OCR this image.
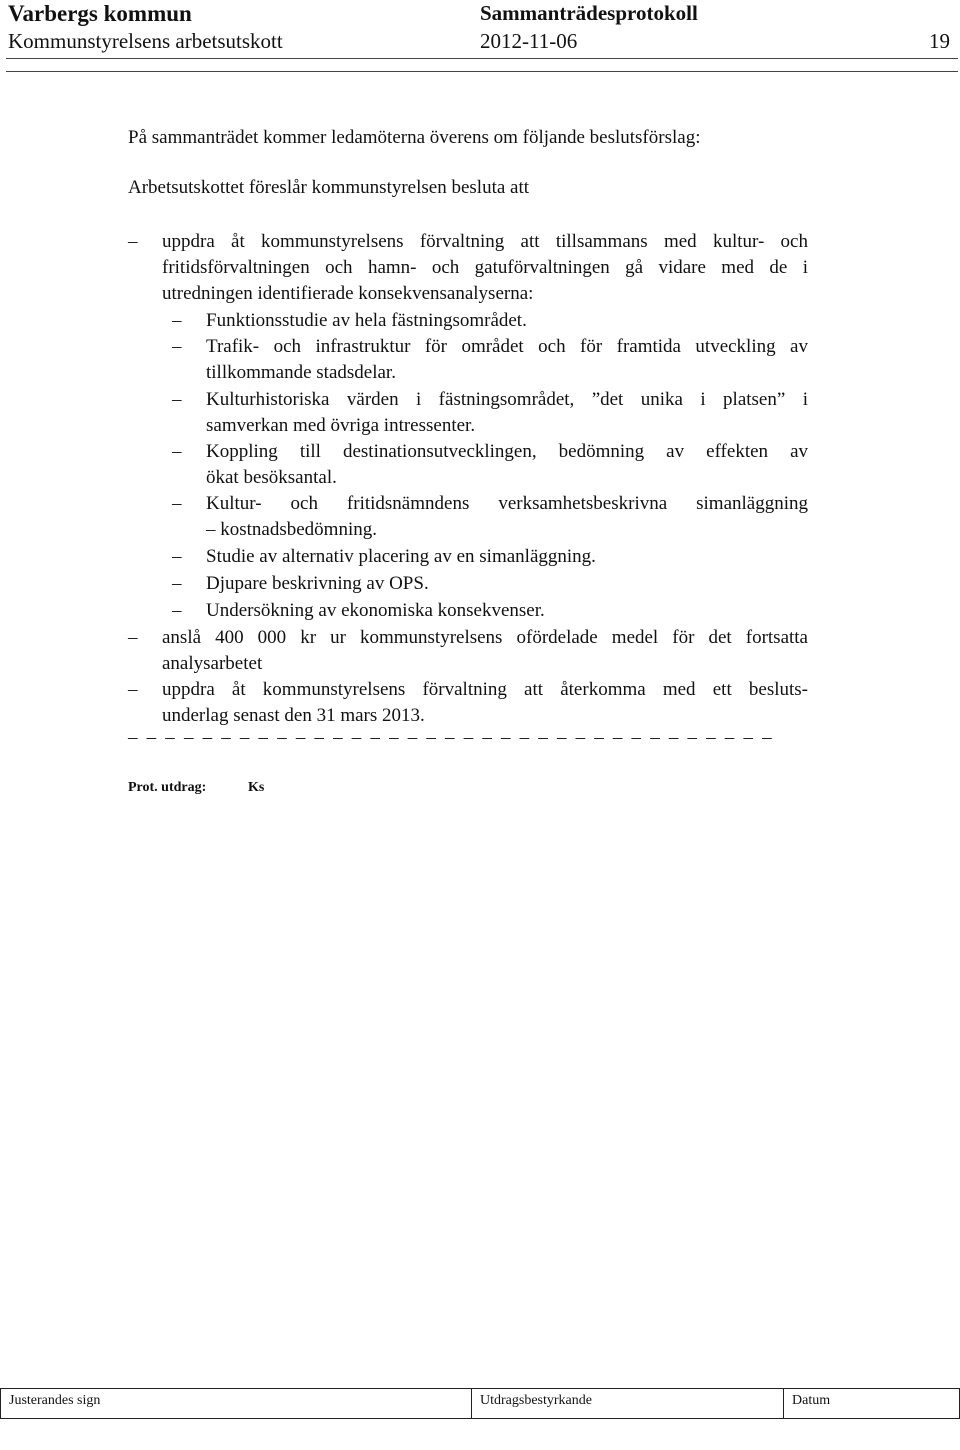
Varbergs kommun	Sammanträdesprotokoll
Kommunstyrelsens arbetsutskott	2012-11-06	19
På sammanträdet kommer ledamöterna överens om följande beslutsförslag:
Arbetsutskottet föreslår kommunstyrelsen besluta att
– uppdra åt kommunstyrelsens förvaltning att tillsammans med kultur- och
fritidsförvaltningen och hamn- och gatuförvaltningen gå vidare med de i
utredningen identifierade konsekvensanalyserna:
– Funktionsstudie av hela fästningsområdet.
– Trafik- och infrastruktur för området och för framtida utveckling av
tillkommande stadsdelar.
– Kulturhistoriska värden i fästningsområdet, ”det unika i platsen” i
samverkan med övriga intressenter.
– Koppling till destinationsutvecklingen, bedömning av effekten av
ökat besöksantal.
– Kultur- och fritidsnämndens verksamhetsbeskrivna simanläggning
– kostnadsbedömning.
– Studie av alternativ placering av en simanläggning.
– Djupare beskrivning av OPS.
– Undersökning av ekonomiska konsekvenser.
– anslå 400 000 kr ur kommunstyrelsens ofördelade medel för det fortsatta
analysarbetet
– uppdra åt kommunstyrelsens förvaltning att återkomma med ett besluts-
underlag senast den 31 mars 2013.
– – – – – – – – – – – – – – – – – – – – – – – – – – – – – – – – – – –
Prot. utdrag:	Ks
Justerandes sign	Utdragsbestyrkande	Datum
